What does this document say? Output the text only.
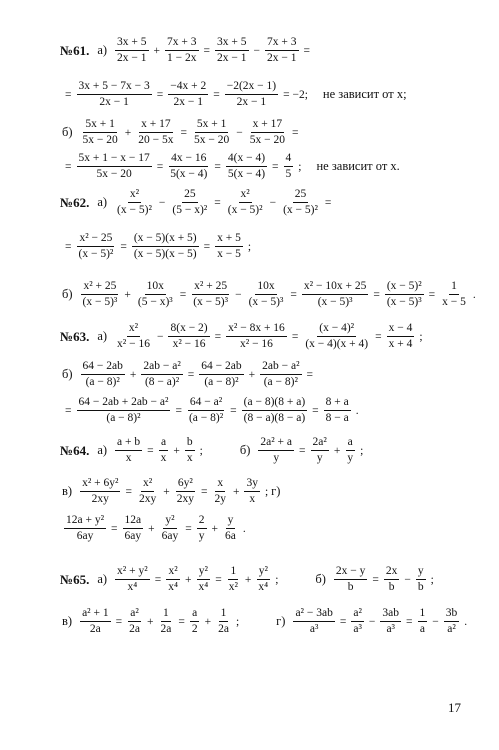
17
№61. $а) \frac{3x + 5}{2x - 1} + \frac{7x + 3}{1 - 2x} = \frac{3x + 5}{2x - 1} - \frac{7x + 3}{2x - 1}$ =
= $\frac{3x + 5 - 7x - 3}{2x - 1} = \frac{-4x + 2}{2x - 1} = \frac{-2(2x - 1)}{2x - 1} = -2$; не зависит от x;
$б) \frac{5x + 1}{5x - 20} + \frac{x + 17}{20 - 5x} = \frac{5x + 1}{5x - 20} - \frac{x + 17}{5x - 20}$ =
= $\frac{5x + 1 - x - 17}{5x - 20} = \frac{4x - 16}{5(x - 4)} = \frac{4(x - 4)}{5(x - 4)} = \frac{4}{5}$ ; не зависит от x.
№62. $а) \frac{\text{x²}}{\text{(x − 5)²}} - \frac{25}{\text{(5 − x)²}} = \frac{\text{x²}}{\text{(x − 5)²}} - \frac{25}{\text{(x − 5)²}}$ =
= $\frac{\text{x² − 25}}{\text{(x − 5)²}} = \frac{(x - 5)(x + 5)}{(x - 5)(x - 5)} = \frac{x + 5}{x - 5}$ ;
$б) \frac{\text{x² + 25}}{\text{(x − 5)³}} + \frac{10x}{\text{(5 − x)³}} = \frac{\text{x² + 25}}{\text{(x − 5)³}} - \frac{10x}{\text{(x − 5)³}} = \frac{\text{x² − 10x + 25}}{\text{(x − 5)³}} = \frac{\text{(x − 5)²}}{\text{(x − 5)³}} = \frac{1}{x - 5}$ .
№63. $а) \frac{\text{x²}}{\text{x² − 16}} - \frac{8(x - 2)}{\text{x² − 16}} = \frac{\text{x² − 8x + 16}}{\text{x² − 16}} = \frac{\text{(x − 4)²}}{(x - 4)(x + 4)} = \frac{x - 4}{x + 4}$ ;
$б) \frac{64 - 2ab}{\text{(a − 8)²}} + \frac{\text{2ab − a²}}{\text{(8 − a)²}} = \frac{64 - 2ab}{\text{(a − 8)²}} + \frac{\text{2ab − a²}}{\text{(a − 8)²}}$ =
= $\frac{\text{64 − 2ab + 2ab − a²}}{\text{(a − 8)²}} = \frac{\text{64 − a²}}{\text{(a − 8)²}} = \frac{(a - 8)(8 + a)}{(8 - a)(8 - a)} = \frac{8 + a}{8 - a}$ .
№64. $а) \frac{a + b}{x} = \frac{a}{x} + \frac{b}{x}$ ;	$б) \frac{\text{2a² + a}}{y} = \frac{\text{2a²}}{y} + \frac{a}{y}$ ;
$в) \frac{\text{x² + 6y²}}{2xy} = \frac{\text{x²}}{2xy} + \frac{\text{6y²}}{2xy} = \frac{x}{2y} + \frac{3y}{x}$ ; г)
$\frac{\text{12a + y²}}{6ay} = \frac{12a}{6ay} + \frac{\text{y²}}{6ay} = \frac{2}{y} + \frac{y}{6a}$ .
№65. $а) \frac{\text{x² + y²}}{\text{x⁴}} = \frac{\text{x²}}{\text{x⁴}} + \frac{\text{y²}}{\text{x⁴}} = \frac{1}{\text{x²}} + \frac{\text{y²}}{\text{x⁴}}$ ;	$б) \frac{2x - y}{b} = \frac{2x}{b} - \frac{y}{b}$ ;
$в) \frac{\text{a² + 1}}{2a} = \frac{\text{a²}}{2a} + \frac{1}{2a} = \frac{a}{2} + \frac{1}{2a}$ ;	$г) \frac{\text{a² − 3ab}}{\text{a³}} = \frac{\text{a²}}{\text{a³}} - \frac{3ab}{\text{a³}} = \frac{1}{a} - \frac{3b}{\text{a²}}$ .
